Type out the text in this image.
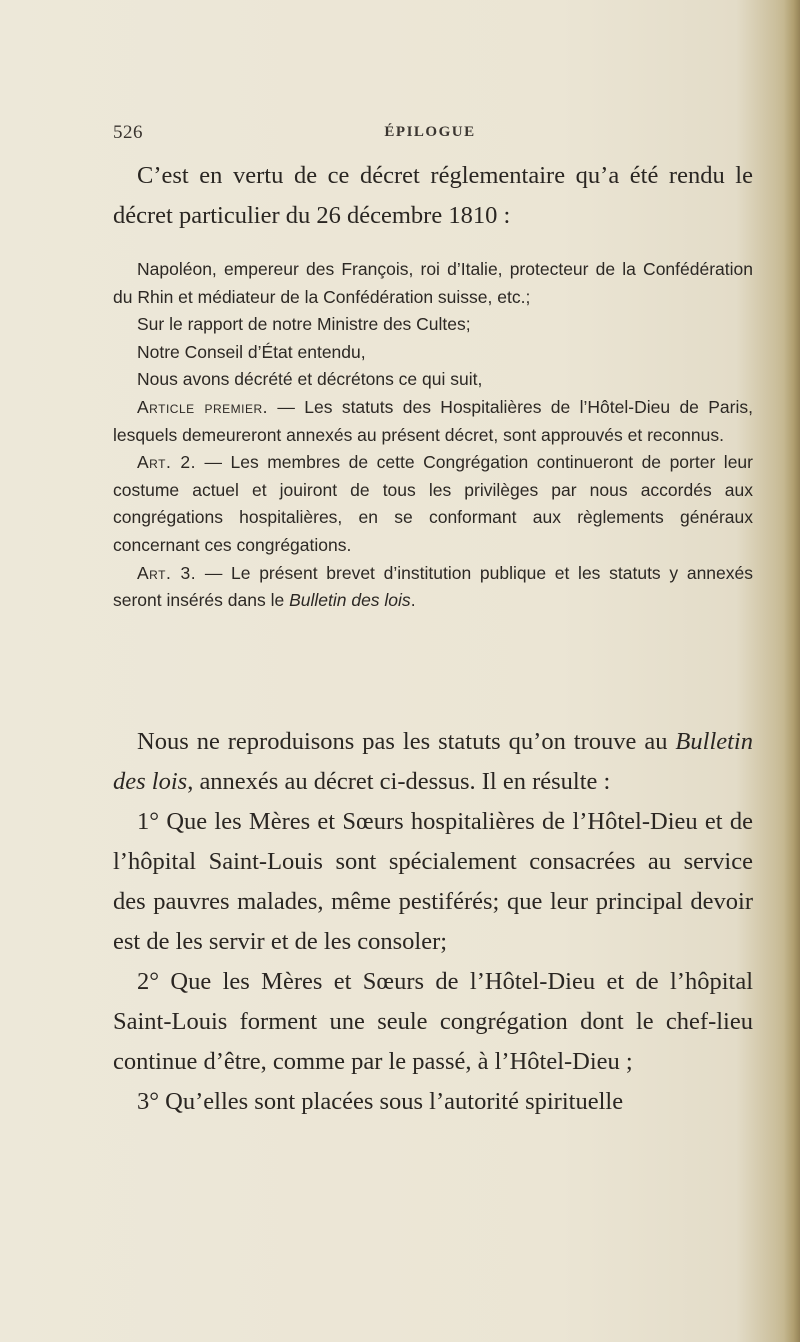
526	ÉPILOGUE

C’est en vertu de ce décret réglementaire qu’a été rendu le décret particulier du 26 décembre 1810 :

Napoléon, empereur des François, roi d’Italie, protecteur de la Confédération du Rhin et médiateur de la Confédération suisse, etc.;

Sur le rapport de notre Ministre des Cultes;

Notre Conseil d’État entendu,

Nous avons décrété et décrétons ce qui suit,

Article premier. — Les statuts des Hospitalières de l’Hôtel-Dieu de Paris, lesquels demeureront annexés au présent décret, sont approuvés et reconnus.

Art. 2. — Les membres de cette Congrégation continueront de porter leur costume actuel et jouiront de tous les privilèges par nous accordés aux congrégations hospitalières, en se conformant aux règlements généraux concernant ces congrégations.

Art. 3. — Le présent brevet d’institution publique et les statuts y annexés seront insérés dans le Bulletin des lois.

Nous ne reproduisons pas les statuts qu’on trouve au Bulletin des lois, annexés au décret ci-dessus. Il en résulte :

1° Que les Mères et Sœurs hospitalières de l’Hôtel-Dieu et de l’hôpital Saint-Louis sont spécialement consacrées au service des pauvres malades, même pestiférés; que leur principal devoir est de les servir et de les consoler;

2° Que les Mères et Sœurs de l’Hôtel-Dieu et de l’hôpital Saint-Louis forment une seule congrégation dont le chef-lieu continue d’être, comme par le passé, à l’Hôtel-Dieu ;

3° Qu’elles sont placées sous l’autorité spirituelle
